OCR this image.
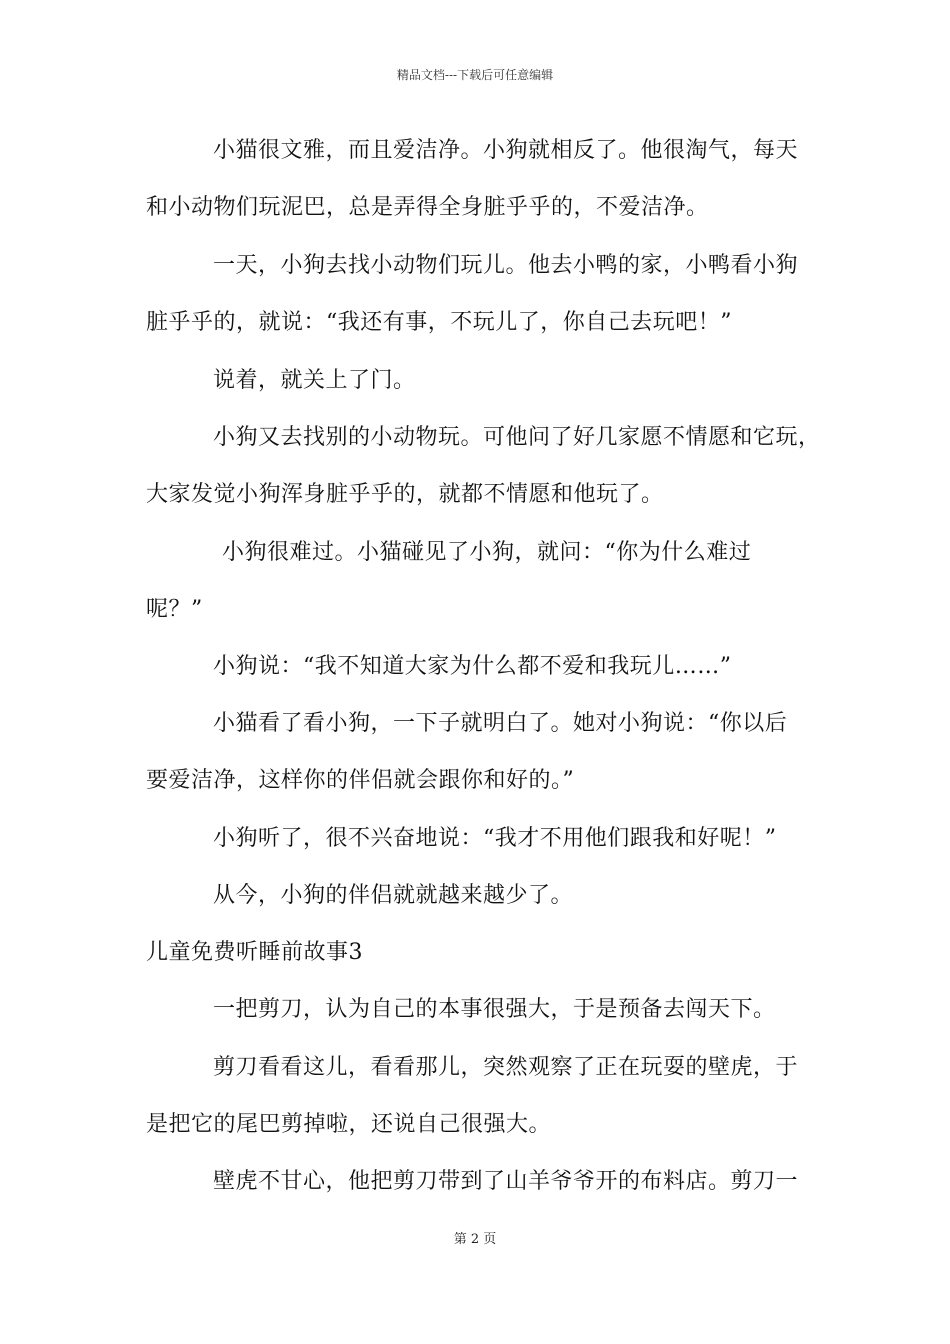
精品文档---下载后可任意编辑
小猫很文雅，而且爱洁净。小狗就相反了。他很淘气，每天
和小动物们玩泥巴，总是弄得全身脏乎乎的，不爱洁净。
一天，小狗去找小动物们玩儿。他去小鸭的家，小鸭看小狗
脏乎乎的，就说：“我还有事，不玩儿了，你自己去玩吧！”
说着，就关上了门。
小狗又去找别的小动物玩。可他问了好几家愿不情愿和它玩，
大家发觉小狗浑身脏乎乎的，就都不情愿和他玩了。
小狗很难过。小猫碰见了小狗，就问：“你为什么难过
呢？”
小狗说：“我不知道大家为什么都不爱和我玩儿……”
小猫看了看小狗，一下子就明白了。她对小狗说：“你以后
要爱洁净，这样你的伴侣就会跟你和好的。”
小狗听了，很不兴奋地说：“我才不用他们跟我和好呢！”
从今，小狗的伴侣就就越来越少了。
儿童免费听睡前故事3
一把剪刀，认为自己的本事很强大，于是预备去闯天下。
剪刀看看这儿，看看那儿，突然观察了正在玩耍的壁虎，于
是把它的尾巴剪掉啦，还说自己很强大。
壁虎不甘心，他把剪刀带到了山羊爷爷开的布料店。剪刀一
第 2 页
